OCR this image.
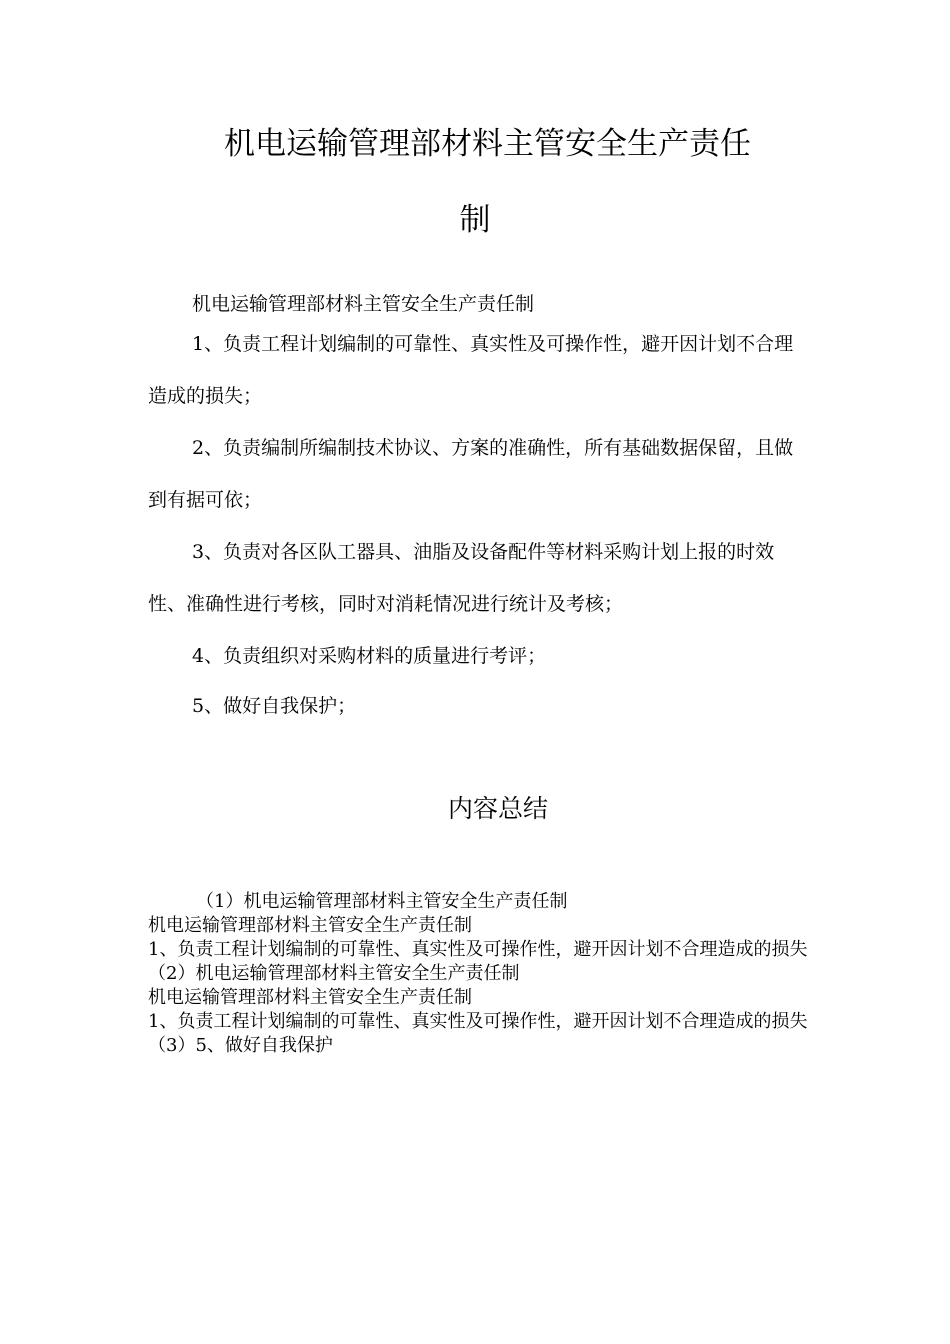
机电运输管理部材料主管安全生产责任
制
机电运输管理部材料主管安全生产责任制
1、负责工程计划编制的可靠性、真实性及可操作性，避开因计划不合理造成的损失；
2、负责编制所编制技术协议、方案的准确性，所有基础数据保留，且做到有据可依；
3、负责对各区队工器具、油脂及设备配件等材料采购计划上报的时效性、准确性进行考核，同时对消耗情况进行统计及考核；
4、负责组织对采购材料的质量进行考评；
5、做好自我保护；
内容总结

（1）机电运输管理部材料主管安全生产责任制

机电运输管理部材料主管安全生产责任制

1、负责工程计划编制的可靠性、真实性及可操作性，避开因计划不合理造成的损失

（2）机电运输管理部材料主管安全生产责任制

机电运输管理部材料主管安全生产责任制

1、负责工程计划编制的可靠性、真实性及可操作性，避开因计划不合理造成的损失

（3）5、做好自我保护
